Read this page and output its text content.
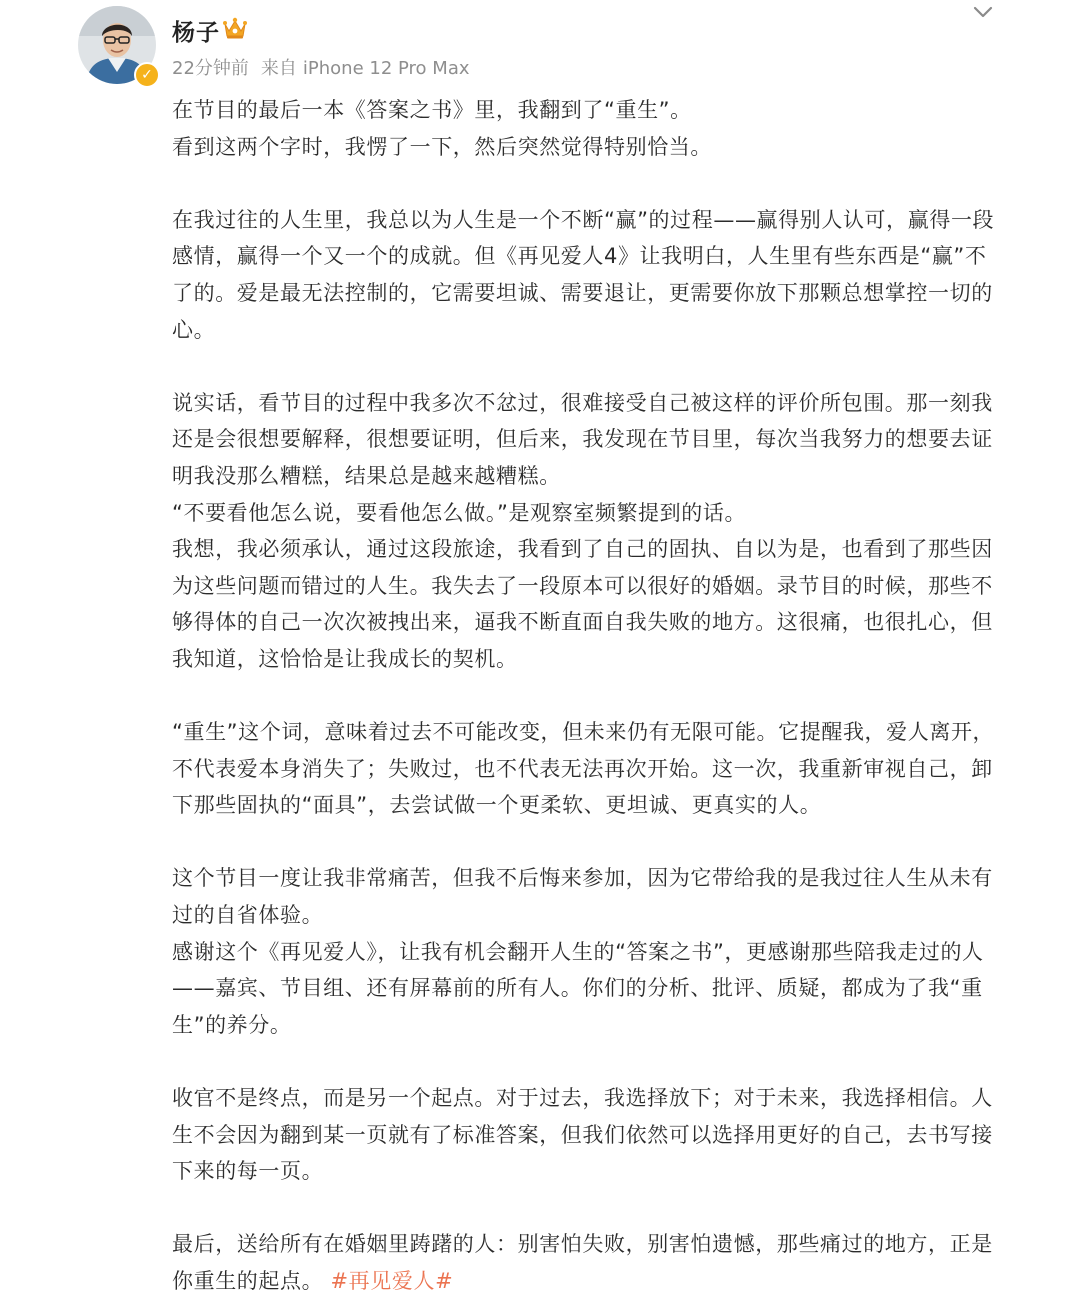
✓
杨子
22分钟前 来自 iPhone 12 Pro Max

在节目的最后一本《答案之书》里，我翻到了“重生”。

看到这两个字时，我愣了一下，然后突然觉得特别恰当。

在我过往的人生里，我总以为人生是一个不断“赢”的过程——赢得别人认可，赢得一段感情，赢得一个又一个的成就。但《再见爱人4》让我明白，人生里有些东西是“赢”不了的。爱是最无法控制的，它需要坦诚、需要退让，更需要你放下那颗总想掌控一切的心。

说实话，看节目的过程中我多次不忿过，很难接受自己被这样的评价所包围。那一刻我还是会很想要解释，很想要证明，但后来，我发现在节目里，每次当我努力的想要去证明我没那么糟糕，结果总是越来越糟糕。

“不要看他怎么说，要看他怎么做。”是观察室频繁提到的话。

我想，我必须承认，通过这段旅途，我看到了自己的固执、自以为是，也看到了那些因为这些问题而错过的人生。我失去了一段原本可以很好的婚姻。录节目的时候，那些不够得体的自己一次次被拽出来，逼我不断直面自我失败的地方。这很痛，也很扎心，但我知道，这恰恰是让我成长的契机。

“重生”这个词，意味着过去不可能改变，但未来仍有无限可能。它提醒我，爱人离开，不代表爱本身消失了；失败过，也不代表无法再次开始。这一次，我重新审视自己，卸下那些固执的“面具”，去尝试做一个更柔软、更坦诚、更真实的人。

这个节目一度让我非常痛苦，但我不后悔来参加，因为它带给我的是我过往人生从未有过的自省体验。

感谢这个《再见爱人》，让我有机会翻开人生的“答案之书”，更感谢那些陪我走过的人——嘉宾、节目组、还有屏幕前的所有人。你们的分析、批评、质疑，都成为了我“重生”的养分。

收官不是终点，而是另一个起点。对于过去，我选择放下；对于未来，我选择相信。人生不会因为翻到某一页就有了标准答案，但我们依然可以选择用更好的自己，去书写接下来的每一页。

最后，送给所有在婚姻里踌躇的人：别害怕失败，别害怕遗憾，那些痛过的地方，正是你重生的起点。 #再见爱人#
